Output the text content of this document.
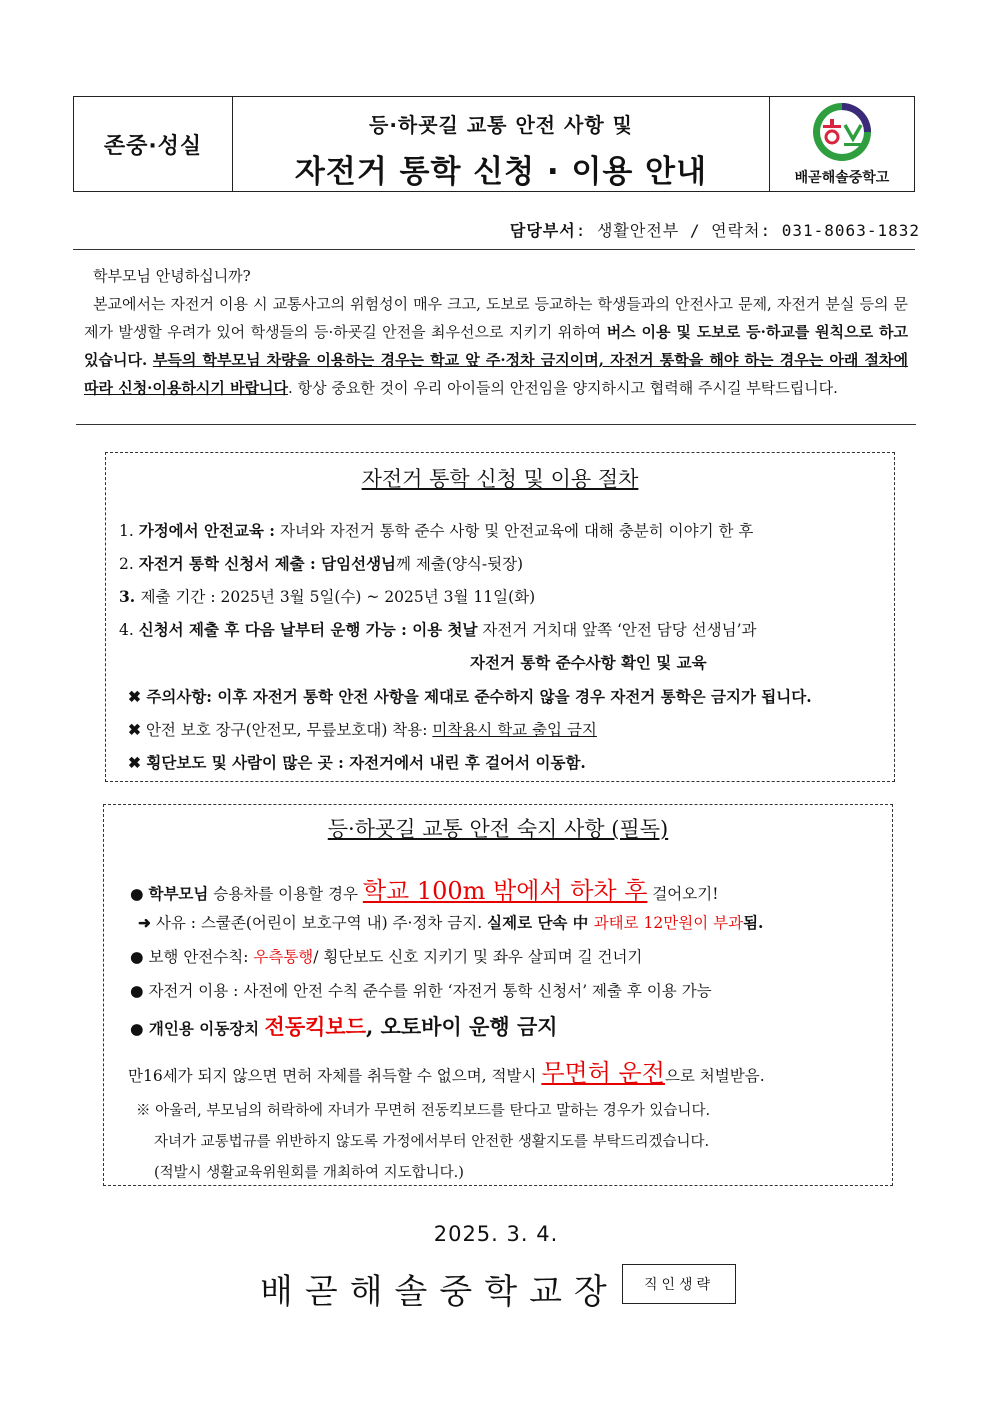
존중·성실
등·하굣길 교통 안전 사항 및
자전거 통학 신청 · 이용 안내	배곧해솔중학고
담당부서: 생활안전부 / 연락처: 031-8063-1832

학부모님 안녕하십니까?

본교에서는 자전거 이용 시 교통사고의 위험성이 매우 크고, 도보로 등교하는 학생들과의 안전사고 문제, 자전거 분실 등의 문제가 발생할 우려가 있어 학생들의 등·하굣길 안전을 최우선으로 지키기 위하여 버스 이용 및 도보로 등·하교를 원칙으로 하고 있습니다. 부득의 학부모님 차량을 이용하는 경우는 학교 앞 주·정차 금지이며, 자전거 통학을 해야 하는 경우는 아래 절차에 따라 신청·이용하시기 바랍니다. 항상 중요한 것이 우리 아이들의 안전임을 양지하시고 협력해 주시길 부탁드립니다.

자전거 통학 신청 및 이용 절차
1. 가정에서 안전교육 : 자녀와 자전거 통학 준수 사항 및 안전교육에 대해 충분히 이야기 한 후
2. 자전거 통학 신청서 제출 : 담임선생님께 제출(양식-뒷장)
3. 제출 기간 : 2025년 3월 5일(수) ~ 2025년 3월 11일(화)
4. 신청서 제출 후 다음 날부터 운행 가능 : 이용 첫날 자전거 거치대 앞쪽 ‘안전 담당 선생님’과
자전거 통학 준수사항 확인 및 교육
✖ 주의사항: 이후 자전거 통학 안전 사항을 제대로 준수하지 않을 경우 자전거 통학은 금지가 됩니다.
✖ 안전 보호 장구(안전모, 무릎보호대) 착용: 미착용시 학교 출입 금지
✖ 횡단보도 및 사람이 많은 곳 : 자전거에서 내린 후 걸어서 이동함.
등·하굣길 교통 안전 숙지 사항 (필독)
● 학부모님 승용차를 이용할 경우 학교 100m 밖에서 하차 후 걸어오기!
➜ 사유 : 스쿨존(어린이 보호구역 내) 주·정차 금지. 실제로 단속 中 과태로 12만원이 부과됨.
● 보행 안전수칙: 우측통행/ 횡단보도 신호 지키기 및 좌우 살피며 길 건너기
● 자전거 이용 : 사전에 안전 수칙 준수를 위한 ‘자전거 통학 신청서’ 제출 후 이용 가능
● 개인용 이동장치 전동킥보드, 오토바이 운행 금지
만16세가 되지 않으면 면허 자체를 취득할 수 없으며, 적발시 무면허 운전으로 처벌받음.
※ 아울러, 부모님의 허락하에 자녀가 무면허 전동킥보드를 탄다고 말하는 경우가 있습니다.
자녀가 교통법규를 위반하지 않도록 가정에서부터 안전한 생활지도를 부탁드리겠습니다.
(적발시 생활교육위원회를 개최하여 지도합니다.)
2025. 3. 4.
배곧해솔중학교장 직인생략
